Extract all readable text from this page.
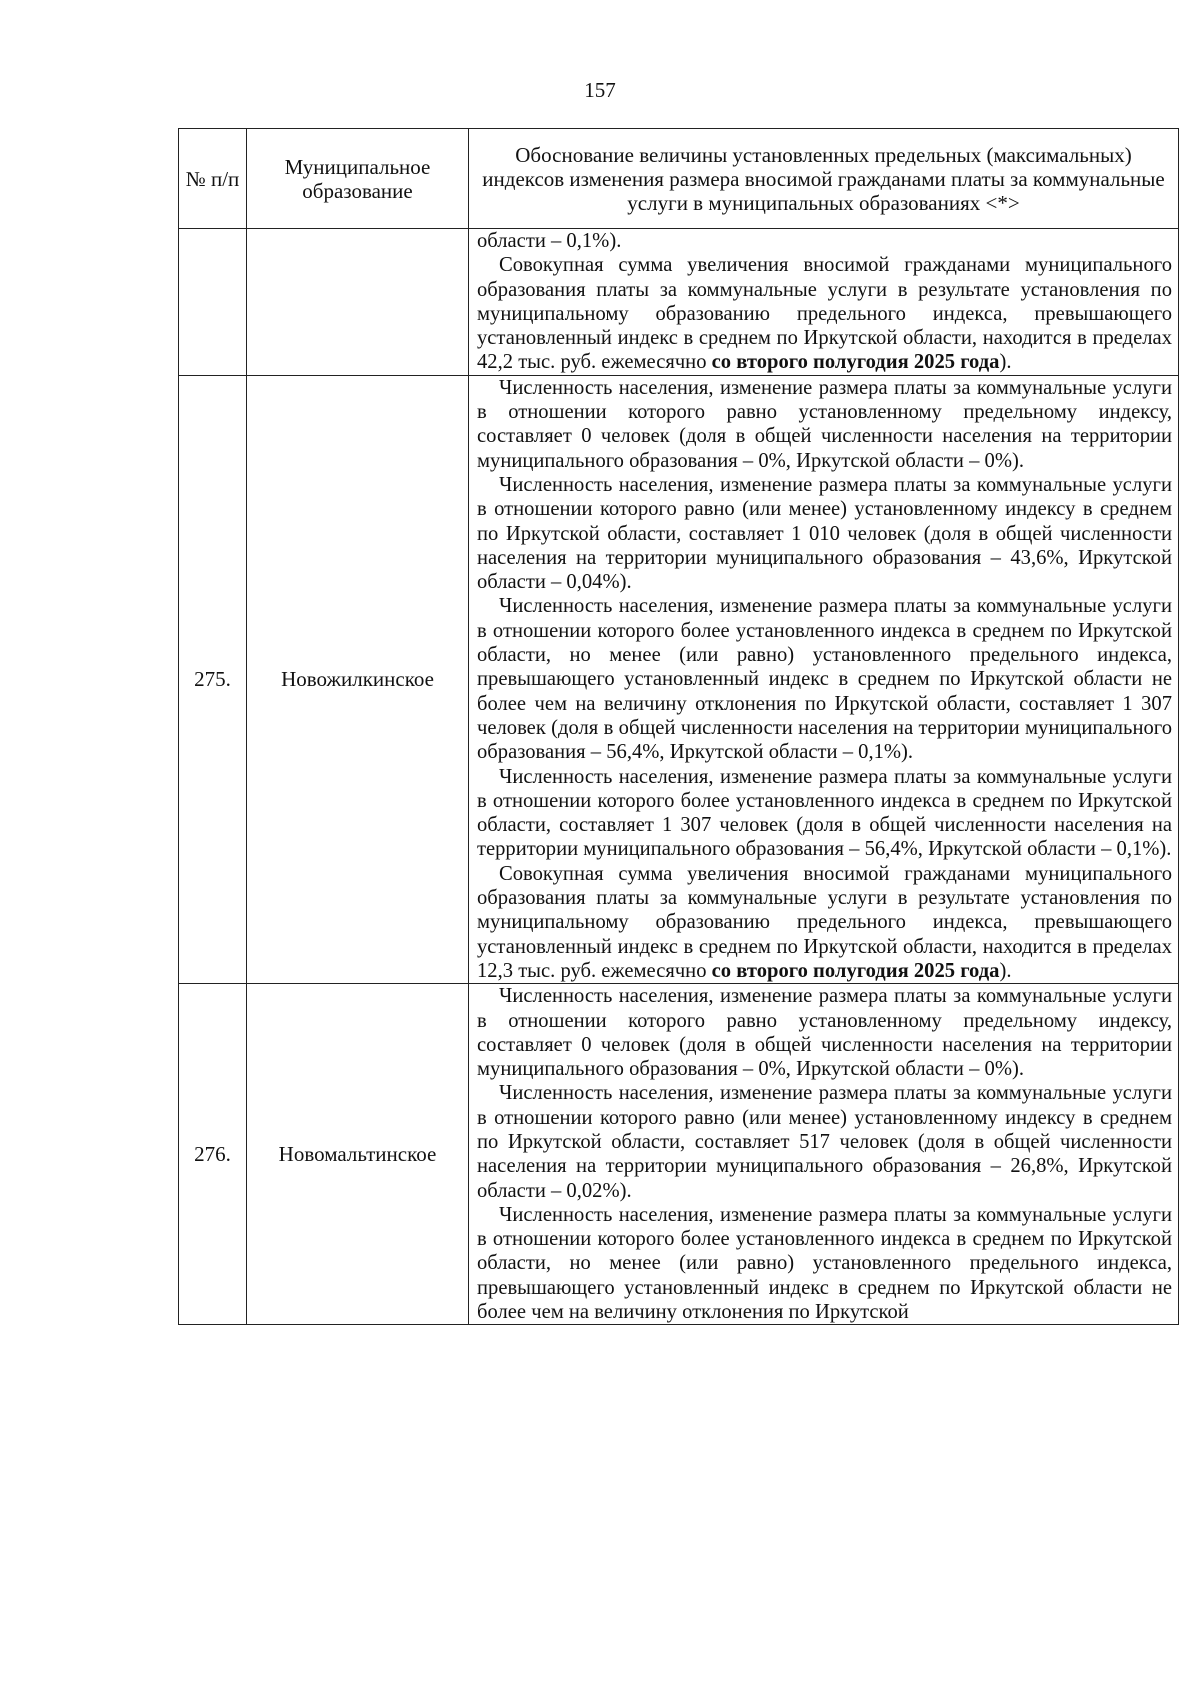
157
№ п/п	Муниципальное образование	Обоснование величины установленных предельных (максимальных) индексов изменения размера вносимой гражданами платы за коммунальные услуги в муниципальных образованиях <*>

		области – 0,1%).

Совокупная сумма увеличения вносимой гражданами муниципального образования платы за коммунальные услуги в результате установления по муниципальному образованию предельного индекса, превышающего установленный индекс в среднем по Иркутской области, находится в пределах 42,2 тыс. руб. ежемесячно со второго полугодия 2025 года).

275.	Новожилкинское	Численность населения, изменение размера платы за коммунальные услуги в отношении которого равно установленному предельному индексу, составляет 0 человек (доля в общей численности населения на территории муниципального образования – 0%, Иркутской области – 0%).

Численность населения, изменение размера платы за коммунальные услуги в отношении которого равно (или менее) установленному индексу в среднем по Иркутской области, составляет 1 010 человек (доля в общей численности населения на территории муниципального образования – 43,6%, Иркутской области – 0,04%).

Численность населения, изменение размера платы за коммунальные услуги в отношении которого более установленного индекса в среднем по Иркутской области, но менее (или равно) установленного предельного индекса, превышающего установленный индекс в среднем по Иркутской области не более чем на величину отклонения по Иркутской области, составляет 1 307 человек (доля в общей численности населения на территории муниципального образования – 56,4%, Иркутской области – 0,1%).

Численность населения, изменение размера платы за коммунальные услуги в отношении которого более установленного индекса в среднем по Иркутской области, составляет 1 307 человек (доля в общей численности населения на территории муниципального образования – 56,4%, Иркутской области – 0,1%).

Совокупная сумма увеличения вносимой гражданами муниципального образования платы за коммунальные услуги в результате установления по муниципальному образованию предельного индекса, превышающего установленный индекс в среднем по Иркутской области, находится в пределах 12,3 тыс. руб. ежемесячно со второго полугодия 2025 года).

276.	Новомальтинское	Численность населения, изменение размера платы за коммунальные услуги в отношении которого равно установленному предельному индексу, составляет 0 человек (доля в общей численности населения на территории муниципального образования – 0%, Иркутской области – 0%).

Численность населения, изменение размера платы за коммунальные услуги в отношении которого равно (или менее) установленному индексу в среднем по Иркутской области, составляет 517 человек (доля в общей численности населения на территории муниципального образования – 26,8%, Иркутской области – 0,02%).

Численность населения, изменение размера платы за коммунальные услуги в отношении которого более установленного индекса в среднем по Иркутской области, но менее (или равно) установленного предельного индекса, превышающего установленный индекс в среднем по Иркутской области не более чем на величину отклонения по Иркутской
